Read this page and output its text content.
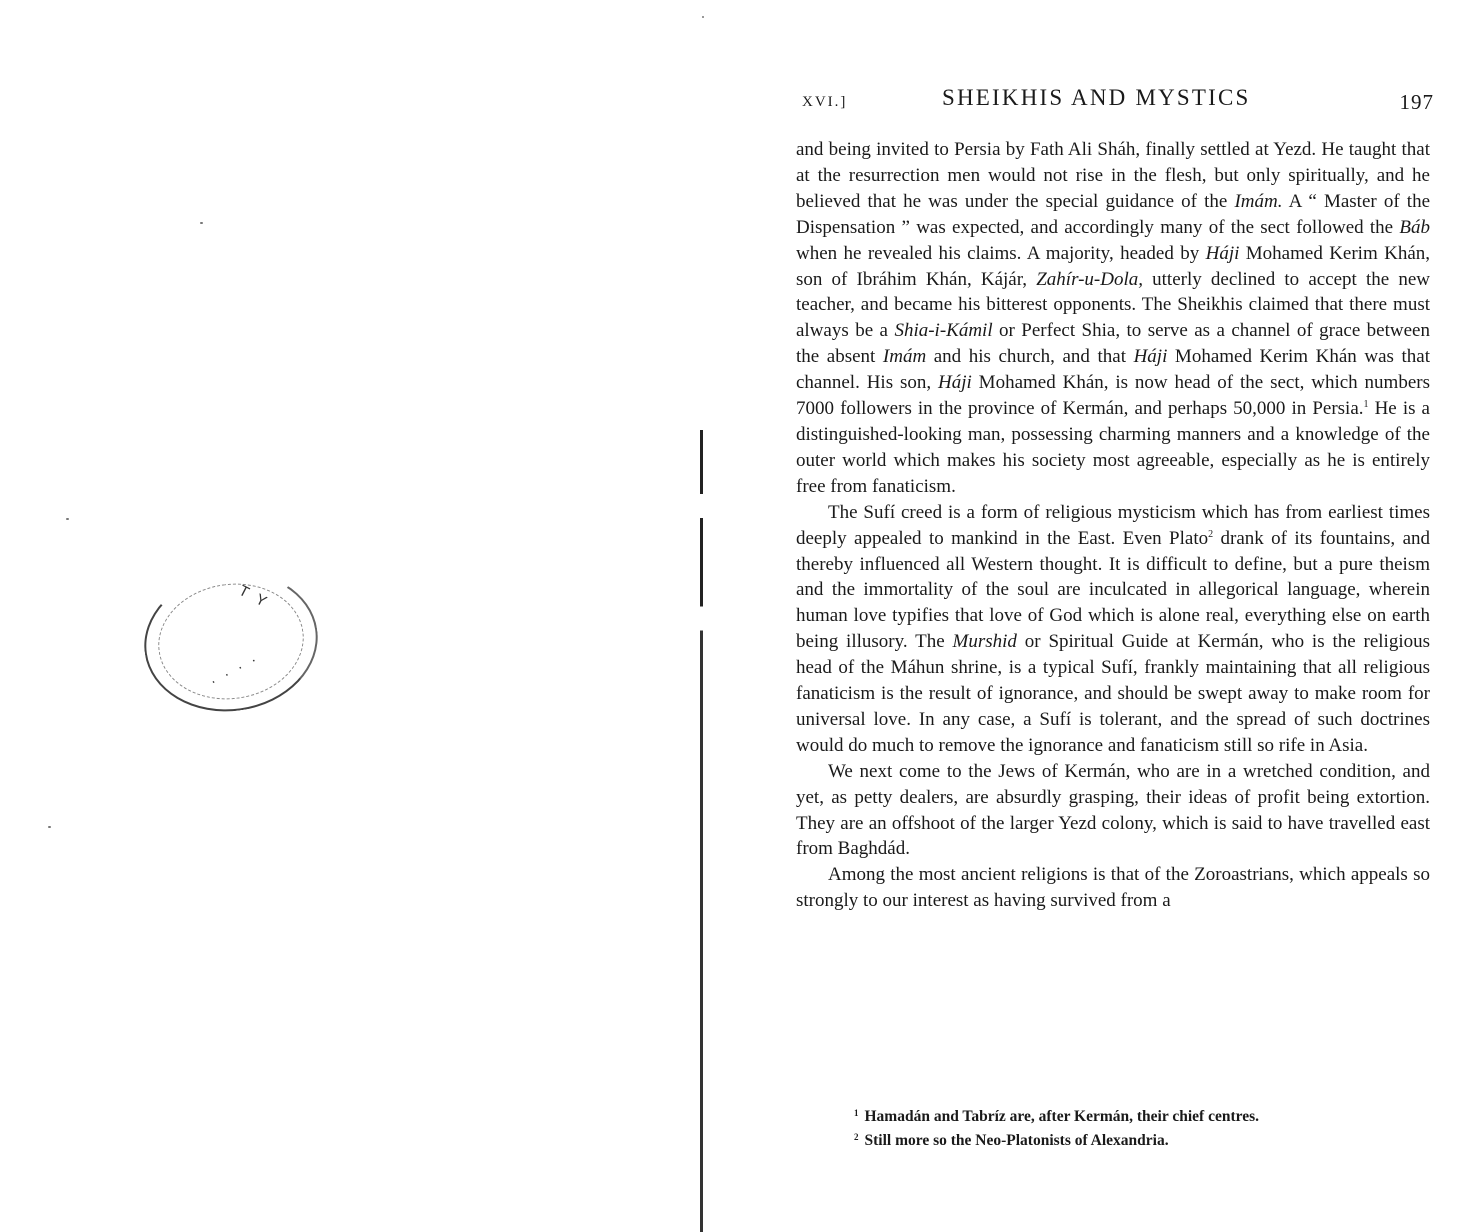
T Y
· · · ·
XVI.]	SHEIKHIS AND MYSTICS	197

and being invited to Persia by Fath Ali Sháh, finally settled at Yezd. He taught that at the resurrection men would not rise in the flesh, but only spiritually, and he believed that he was under the special guidance of the Imám. A “ Master of the Dispensation ” was expected, and accordingly many of the sect followed the Báb when he revealed his claims. A majority, headed by Háji Mohamed Kerim Khán, son of Ibráhim Khán, Kájár, Zahír-u-Dola, utterly declined to accept the new teacher, and became his bitterest opponents. The Sheikhis claimed that there must always be a Shia-i-Kámil or Perfect Shia, to serve as a channel of grace between the absent Imám and his church, and that Háji Mohamed Kerim Khán was that channel. His son, Háji Mohamed Khán, is now head of the sect, which numbers 7000 followers in the province of Kermán, and perhaps 50,000 in Persia.$^1$ He is a distinguished-looking man, possessing charming manners and a knowledge of the outer world which makes his society most agreeable, especially as he is entirely free from fanaticism.

The Sufí creed is a form of religious mysticism which has from earliest times deeply appealed to mankind in the East. Even Plato$^2$ drank of its fountains, and thereby influenced all Western thought. It is difficult to define, but a pure theism and the immortality of the soul are inculcated in allegorical language, wherein human love typifies that love of God which is alone real, everything else on earth being illusory. The Murshid or Spiritual Guide at Kermán, who is the religious head of the Máhun shrine, is a typical Sufí, frankly maintaining that all religious fanaticism is the result of ignorance, and should be swept away to make room for universal love. In any case, a Sufí is tolerant, and the spread of such doctrines would do much to remove the ignorance and fanaticism still so rife in Asia.

We next come to the Jews of Kermán, who are in a wretched condition, and yet, as petty dealers, are absurdly grasping, their ideas of profit being extortion. They are an offshoot of the larger Yezd colony, which is said to have travelled east from Baghdád.

Among the most ancient religions is that of the Zoroastrians, which appeals so strongly to our interest as having survived from a

$^1$ Hamadán and Tabríz are, after Kermán, their chief centres.
$^2$ Still more so the Neo-Platonists of Alexandria.
